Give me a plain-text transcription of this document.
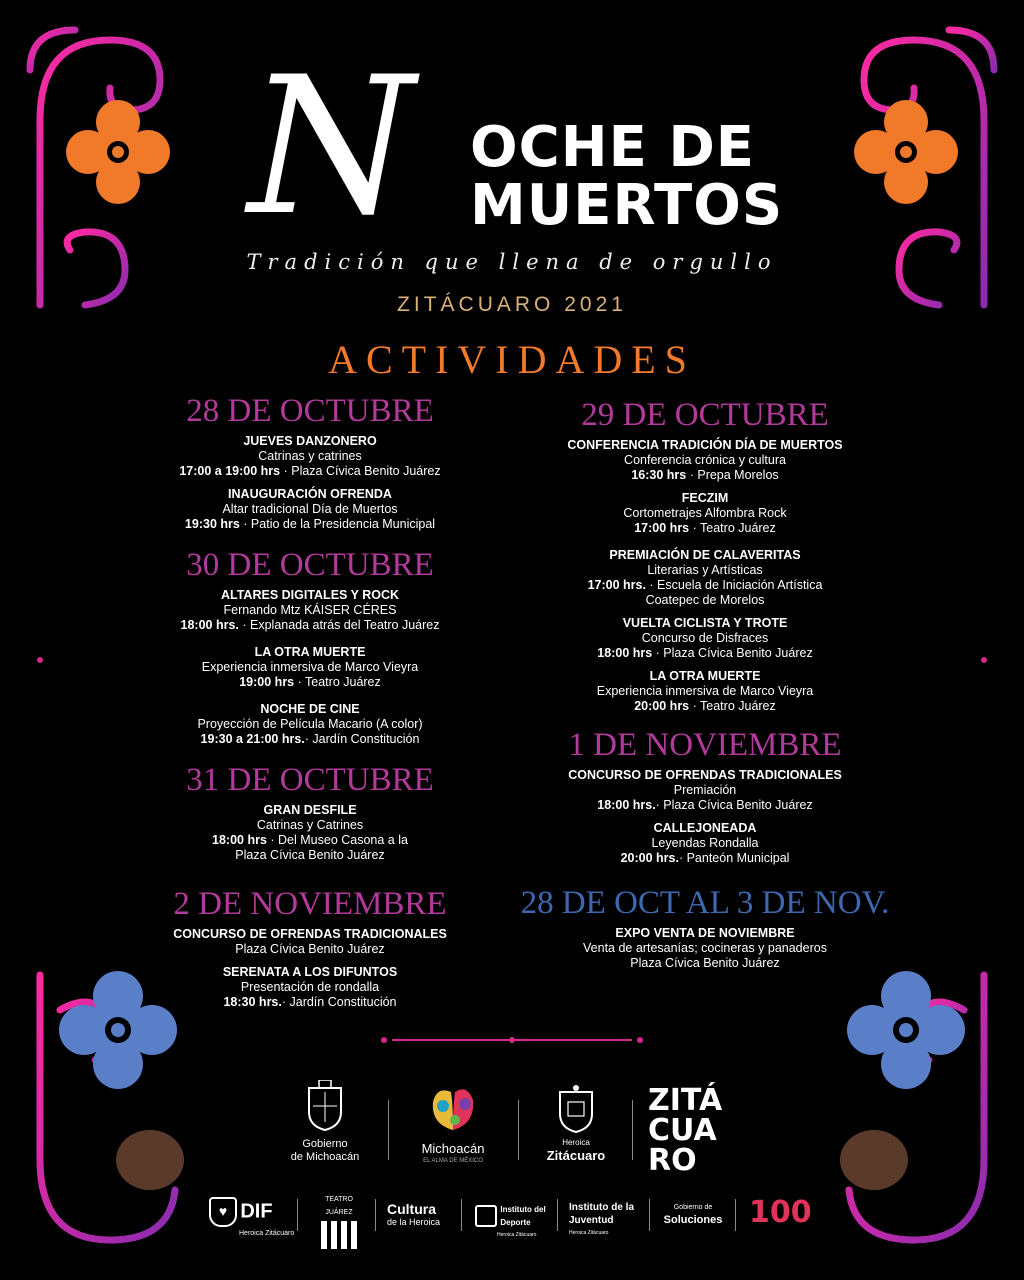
N OCHE DE
MUERTOS
Tradición que llena de orgullo
ZITÁCUARO 2021
ACTIVIDADES
28 DE OCTUBRE
JUEVES DANZONERO
Catrinas y catrines
17:00 a 19:00 hrs · Plaza Cívica Benito Juárez
INAUGURACIÓN OFRENDA
Altar tradicional Día de Muertos
19:30 hrs · Patio de la Presidencia Municipal
30 DE OCTUBRE
ALTARES DIGITALES Y ROCK
Fernando Mtz KÁISER CÉRES
18:00 hrs. · Explanada atrás del Teatro Juárez
LA OTRA MUERTE
Experiencia inmersiva de Marco Vieyra
19:00 hrs · Teatro Juárez
NOCHE DE CINE
Proyección de Película Macario (A color)
19:30 a 21:00 hrs.· Jardín Constitución
31 DE OCTUBRE
GRAN DESFILE
Catrinas y Catrines
18:00 hrs · Del Museo Casona a la
Plaza Cívica Benito Juárez
2 DE NOVIEMBRE
CONCURSO DE OFRENDAS TRADICIONALES
Plaza Cívica Benito Juárez
SERENATA A LOS DIFUNTOS
Presentación de rondalla
18:30 hrs.· Jardín Constitución
29 DE OCTUBRE
CONFERENCIA TRADICIÓN DÍA DE MUERTOS
Conferencia crónica y cultura
16:30 hrs · Prepa Morelos
FECZIM
Cortometrajes Alfombra Rock
17:00 hrs · Teatro Juárez
PREMIACIÓN DE CALAVERITAS
Literarias y Artísticas
17:00 hrs. · Escuela de Iniciación Artística
Coatepec de Morelos
VUELTA CICLISTA Y TROTE
Concurso de Disfraces
18:00 hrs · Plaza Cívica Benito Juárez
LA OTRA MUERTE
Experiencia inmersiva de Marco Vieyra
20:00 hrs · Teatro Juárez
1 DE NOVIEMBRE
CONCURSO DE OFRENDAS TRADICIONALES
Premiación
18:00 hrs.· Plaza Cívica Benito Juárez
CALLEJONEADA
Leyendas Rondalla
20:00 hrs.· Panteón Municipal
28 DE OCT AL 3 DE NOV.
EXPO VENTA DE NOVIEMBRE
Venta de artesanías; cocineras y panaderos
Plaza Cívica Benito Juárez
Gobierno
de Michoacán
Michoacán
EL ALMA DE MÉXICO
Heroica
Zitácuaro
ZITÁ
CUA
RO
♥ DIF
Heroica Zitácuaro
TEATRO JUÁREZ	Cultura
de la Heroica
Instituto del Deporte
Heroica Zitácuaro
Instituto de la Juventud
Heroica Zitácuaro
Gobierno de
Soluciones 100
